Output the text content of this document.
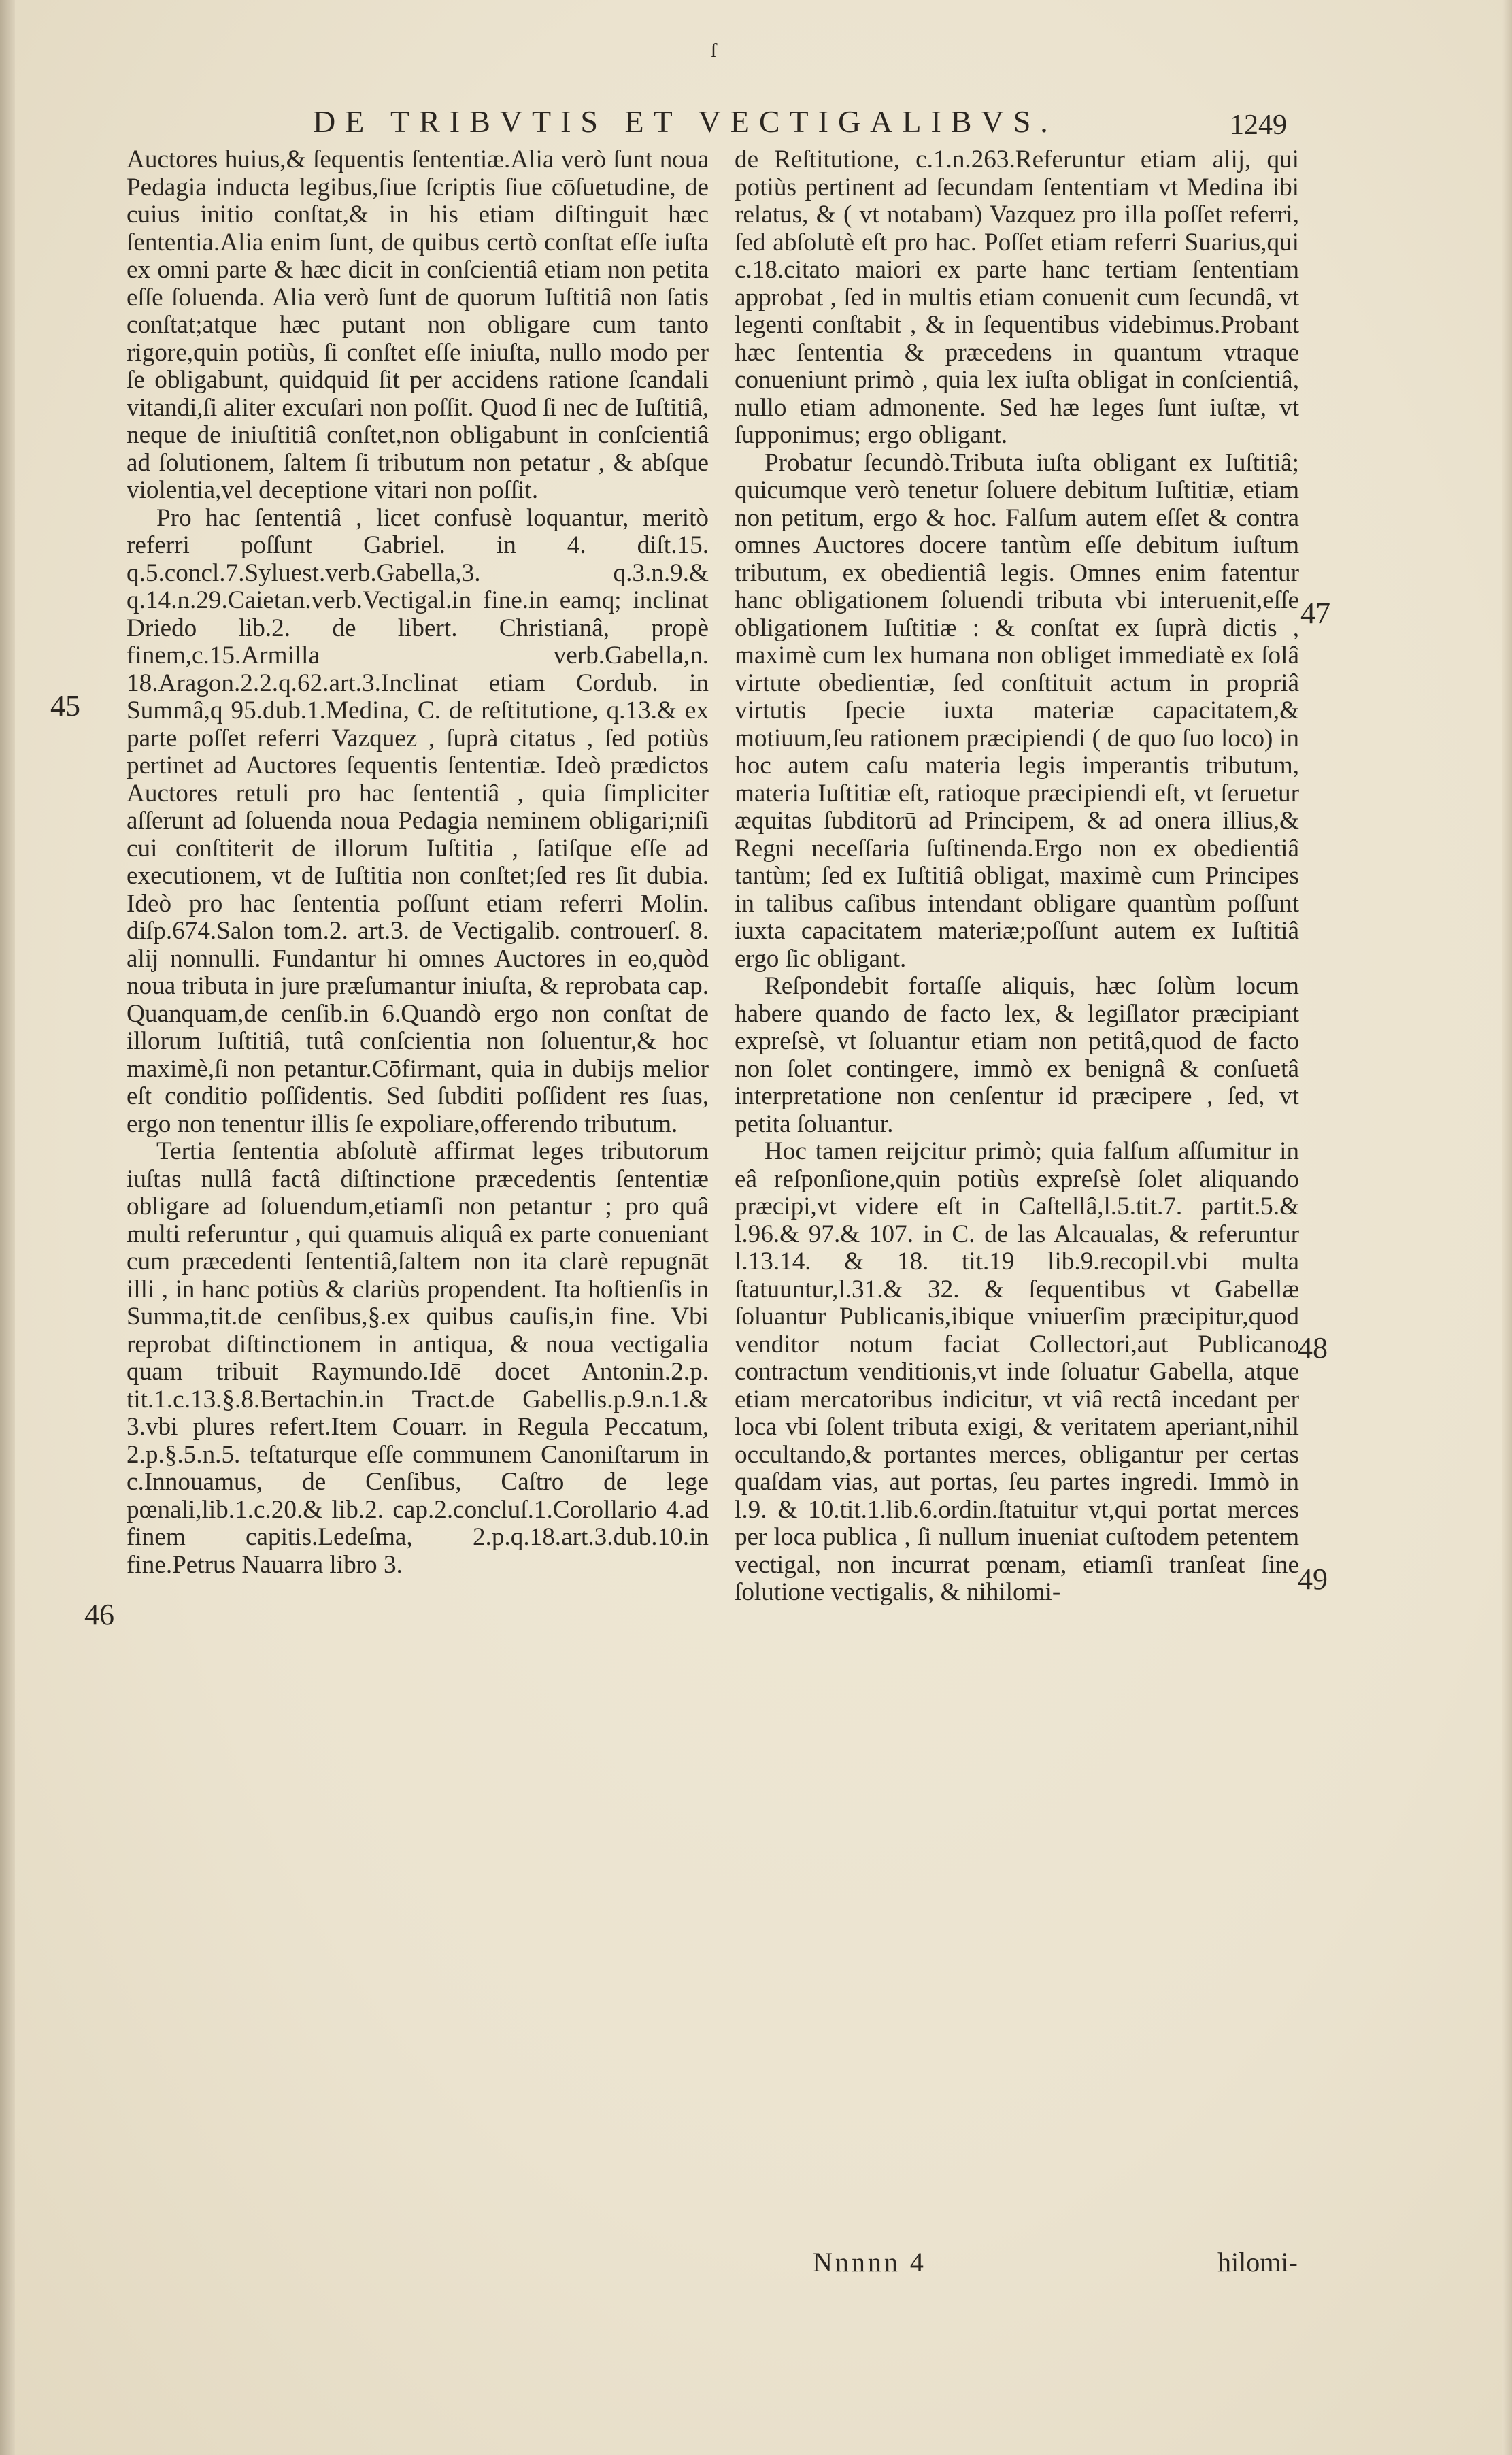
ſ
DE TRIBVTIS ET VECTIGALIBVS.	1249

Auctores huius,& ſequentis ſententiæ.Alia verò ſunt noua Pedagia inducta legibus,ſiue ſcriptis ſiue cōſuetudine, de cuius initio conſtat,& in his etiam diſtinguit hæc ſententia.Alia enim ſunt, de quibus certò conſtat eſſe iuſta ex omni parte & hæc dicit in conſcientiâ etiam non petita eſſe ſoluenda. Alia verò ſunt de quorum Iuſtitiâ non ſatis conſtat;atque hæc putant non obligare cum tanto rigore,quin potiùs, ſi conſtet eſſe iniuſta, nullo modo per ſe obligabunt, quidquid ſit per accidens ratione ſcandali vitandi,ſi aliter excuſari non poſſit. Quod ſi nec de Iuſtitiâ, neque de iniuſtitiâ conſtet,non obligabunt in conſcientiâ ad ſolutionem, ſaltem ſi tributum non petatur , & abſque violentia,vel deceptione vitari non poſſit.

Pro hac ſententiâ , licet confusè loquantur, meritò referri poſſunt Gabriel. in 4. diſt.15. q.5.concl.7.Syluest.verb.Gabella,3. q.3.n.9.& q.14.n.29.Caietan.verb.Vectigal.in fine.in eamq; inclinat Driedo lib.2. de libert. Christianâ, propè finem,c.15.Armilla verb.Gabella,n. 18.Aragon.2.2.q.62.art.3.Inclinat etiam Cordub. in Summâ,q 95.dub.1.Medina, C. de reſtitutione, q.13.& ex parte poſſet referri Vazquez , ſuprà citatus , ſed potiùs pertinet ad Auctores ſequentis ſententiæ. Ideò prædictos Auctores retuli pro hac ſententiâ , quia ſimpliciter aſſerunt ad ſoluenda noua Pedagia neminem obligari;niſi cui conſtiterit de illorum Iuſtitia , ſatiſque eſſe ad executionem, vt de Iuſtitia non conſtet;ſed res ſit dubia. Ideò pro hac ſententia poſſunt etiam referri Molin. diſp.674.Salon tom.2. art.3. de Vectigalib. controuerſ. 8. alij nonnulli. Fundantur hi omnes Auctores in eo,quòd noua tributa in jure præſumantur iniuſta, & reprobata cap. Quanquam,de cenſib.in 6.Quandò ergo non conſtat de illorum Iuſtitiâ, tutâ conſcientia non ſoluentur,& hoc maximè,ſi non petantur.Cōfirmant, quia in dubijs melior eſt conditio poſſidentis. Sed ſubditi poſſident res ſuas, ergo non tenentur illis ſe expoliare,offerendo tributum.

Tertia ſententia abſolutè affirmat leges tributorum iuſtas nullâ factâ diſtinctione præcedentis ſententiæ obligare ad ſoluendum,etiamſi non petantur ; pro quâ multi referuntur , qui quamuis aliquâ ex parte conueniant cum præcedenti ſententiâ,ſaltem non ita clarè repugnāt illi , in hanc potiùs & clariùs propendent. Ita hoſtienſis in Summa,tit.de cenſibus,§.ex quibus cauſis,in fine. Vbi reprobat diſtinctionem in antiqua, & noua vectigalia quam tribuit Raymundo.Idē docet Antonin.2.p. tit.1.c.13.§.8.Bertachin.in Tract.de Gabellis.p.9.n.1.& 3.vbi plures refert.Item Couarr. in Regula Peccatum, 2.p.§.5.n.5. teſtaturque eſſe communem Canoniſtarum in c.Innouamus, de Cenſibus, Caſtro de lege pœnali,lib.1.c.20.& lib.2. cap.2.concluſ.1.Corollario 4.ad finem capitis.Ledeſma, 2.p.q.18.art.3.dub.10.in fine.Petrus Nauarra libro 3.

de Reſtitutione, c.1.n.263.Referuntur etiam alij, qui potiùs pertinent ad ſecundam ſententiam vt Medina ibi relatus, & ( vt notabam) Vazquez pro illa poſſet referri, ſed abſolutè eſt pro hac. Poſſet etiam referri Suarius,qui c.18.citato maiori ex parte hanc tertiam ſententiam approbat , ſed in multis etiam conuenit cum ſecundâ, vt legenti conſtabit , & in ſequentibus videbimus.Probant hæc ſententia & præcedens in quantum vtraque conueniunt primò , quia lex iuſta obligat in conſcientiâ, nullo etiam admonente. Sed hæ leges ſunt iuſtæ, vt ſupponimus; ergo obligant.

Probatur ſecundò.Tributa iuſta obligant ex Iuſtitiâ; quicumque verò tenetur ſoluere debitum Iuſtitiæ, etiam non petitum, ergo & hoc. Falſum autem eſſet & contra omnes Auctores docere tantùm eſſe debitum iuſtum tributum, ex obedientiâ legis. Omnes enim fatentur hanc obligationem ſoluendi tributa vbi interuenit,eſſe obligationem Iuſtitiæ : & conſtat ex ſuprà dictis , maximè cum lex humana non obliget immediatè ex ſolâ virtute obedientiæ, ſed conſtituit actum in propriâ virtutis ſpecie iuxta materiæ capacitatem,& motiuum,ſeu rationem præcipiendi ( de quo ſuo loco) in hoc autem caſu materia legis imperantis tributum, materia Iuſtitiæ eſt, ratioque præcipiendi eſt, vt ſeruetur æquitas ſubditorū ad Principem, & ad onera illius,& Regni neceſſaria ſuſtinenda.Ergo non ex obedientiâ tantùm; ſed ex Iuſtitiâ obligat, maximè cum Principes in talibus caſibus intendant obligare quantùm poſſunt iuxta capacitatem materiæ;poſſunt autem ex Iuſtitiâ ergo ſic obligant.

Reſpondebit fortaſſe aliquis, hæc ſolùm locum habere quando de facto lex, & legiſlator præcipiant expreſsè, vt ſoluantur etiam non petitâ,quod de facto non ſolet contingere, immò ex benignâ & conſuetâ interpretatione non cenſentur id præcipere , ſed, vt petita ſoluantur.

Hoc tamen reijcitur primò; quia falſum aſſumitur in eâ reſponſione,quin potiùs expreſsè ſolet aliquando præcipi,vt videre eſt in Caſtellâ,l.5.tit.7. partit.5.& l.96.& 97.& 107. in C. de las Alcaualas, & referuntur l.13.14. & 18. tit.19 lib.9.recopil.vbi multa ſtatuuntur,l.31.& 32. & ſequentibus vt Gabellæ ſoluantur Publicanis,ibique vniuerſim præcipitur,quod venditor notum faciat Collectori,aut Publicano contractum venditionis,vt inde ſoluatur Gabella, atque etiam mercatoribus indicitur, vt viâ rectâ incedant per loca vbi ſolent tributa exigi, & veritatem aperiant,nihil occultando,& portantes merces, obligantur per certas quaſdam vias, aut portas, ſeu partes ingredi. Immò in l.9. & 10.tit.1.lib.6.ordin.ſtatuitur vt,qui portat merces per loca publica , ſi nullum inueniat cuſtodem petentem vectigal, non incurrat pœnam, etiamſi tranſeat ſine ſolutione vectigalis, & nihilomi-

45
46
47
48
49
Nnnnn 4	hilomi-
